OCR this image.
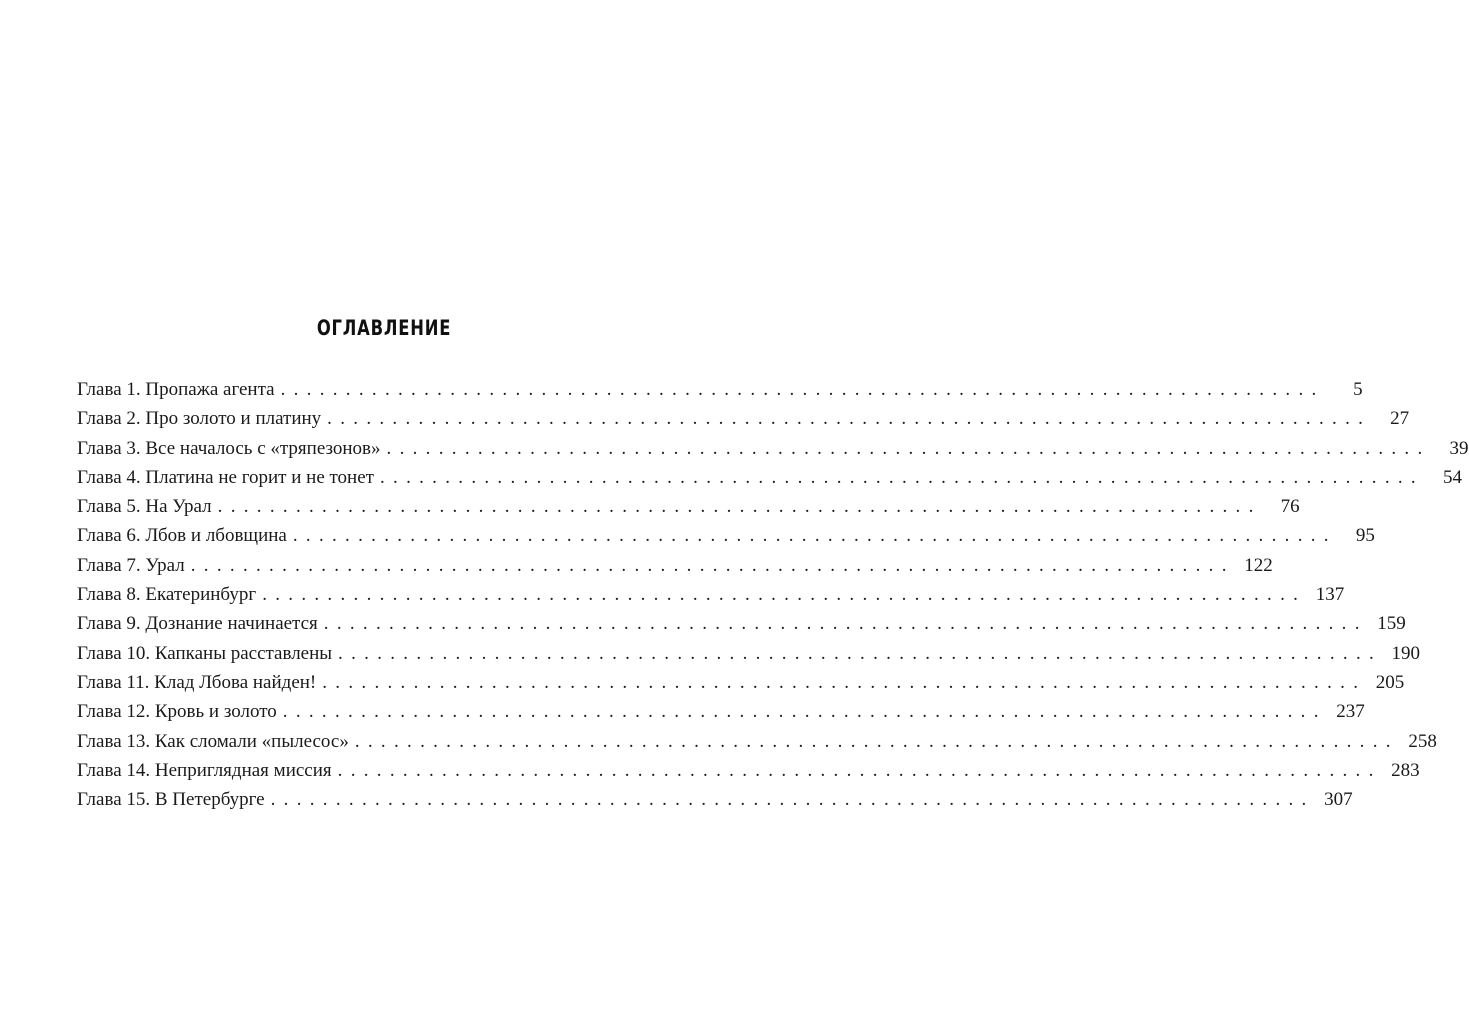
ОГЛАВЛЕНИЕ
Глава 1. Пропажа агента ................................................................................	5
Глава 2. Про золото и платину ................................................................................	27
Глава 3. Все началось с «тряпезонов» ................................................................................	39
Глава 4. Платина не горит и не тонет ................................................................................	54
Глава 5. На Урал ................................................................................	76
Глава 6. Лбов и лбовщина ................................................................................	95
Глава 7. Урал ................................................................................ 122
Глава 8. Екатеринбург ................................................................................ 137
Глава 9. Дознание начинается ................................................................................ 159
Глава 10. Капканы расставлены ................................................................................ 190
Глава 11. Клад Лбова найден! ................................................................................ 205
Глава 12. Кровь и золото ................................................................................ 237
Глава 13. Как сломали «пылесос» ................................................................................ 258
Глава 14. Неприглядная миссия ................................................................................ 283
Глава 15. В Петербурге ................................................................................ 307
